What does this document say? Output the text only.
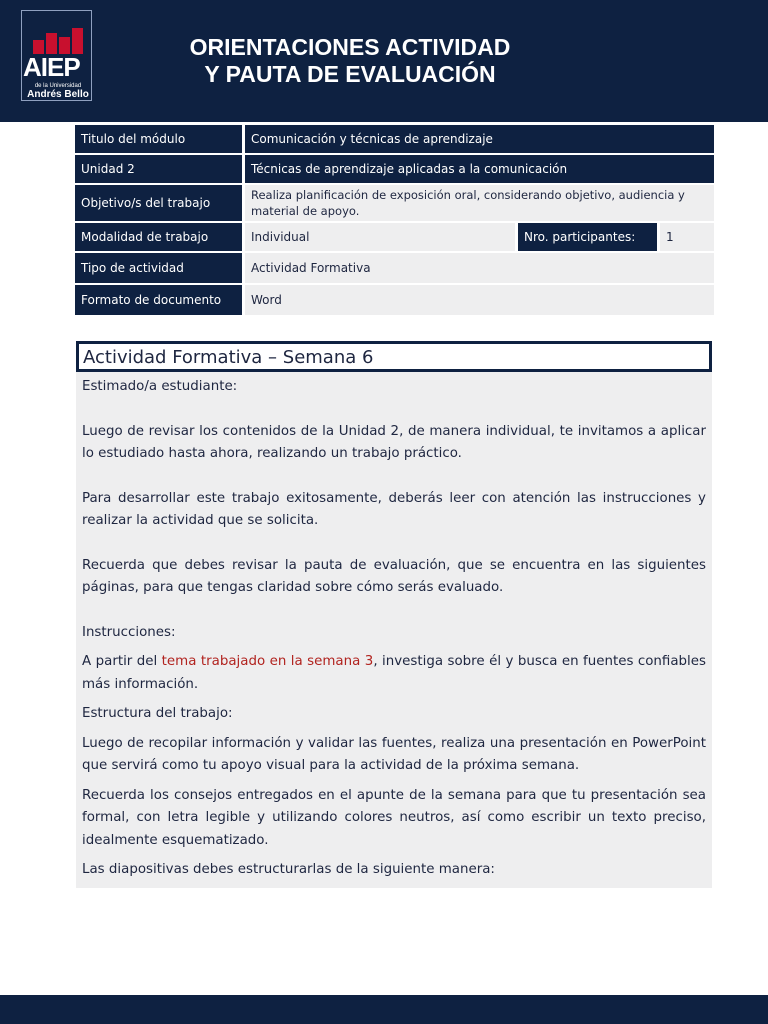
AIEP
de la Universidad
Andrés Bello
ORIENTACIONES ACTIVIDAD
Y PAUTA DE EVALUACIÓN
Titulo del módulo	Comunicación y técnicas de aprendizaje		
Unidad 2	Técnicas de aprendizaje aplicadas a la comunicación		
Objetivo/s del trabajo	Realiza planificación de exposición oral, considerando objetivo, audiencia y material de apoyo.		
Modalidad de trabajo	Individual	Nro. participantes:	1
Tipo de actividad	Actividad Formativa		
Formato de documento	Word		
Actividad Formativa – Semana 6

Estimado/a estudiante:

Luego de revisar los contenidos de la Unidad 2, de manera individual, te invitamos a aplicar lo estudiado hasta ahora, realizando un trabajo práctico.

Para desarrollar este trabajo exitosamente, deberás leer con atención las instrucciones y realizar la actividad que se solicita.

Recuerda que debes revisar la pauta de evaluación, que se encuentra en las siguientes páginas, para que tengas claridad sobre cómo serás evaluado.

Instrucciones:

A partir del tema trabajado en la semana 3, investiga sobre él y busca en fuentes confiables más información.

Estructura del trabajo:

Luego de recopilar información y validar las fuentes, realiza una presentación en PowerPoint que servirá como tu apoyo visual para la actividad de la próxima semana.

Recuerda los consejos entregados en el apunte de la semana para que tu presentación sea formal, con letra legible y utilizando colores neutros, así como escribir un texto preciso, idealmente esquematizado.

Las diapositivas debes estructurarlas de la siguiente manera:
